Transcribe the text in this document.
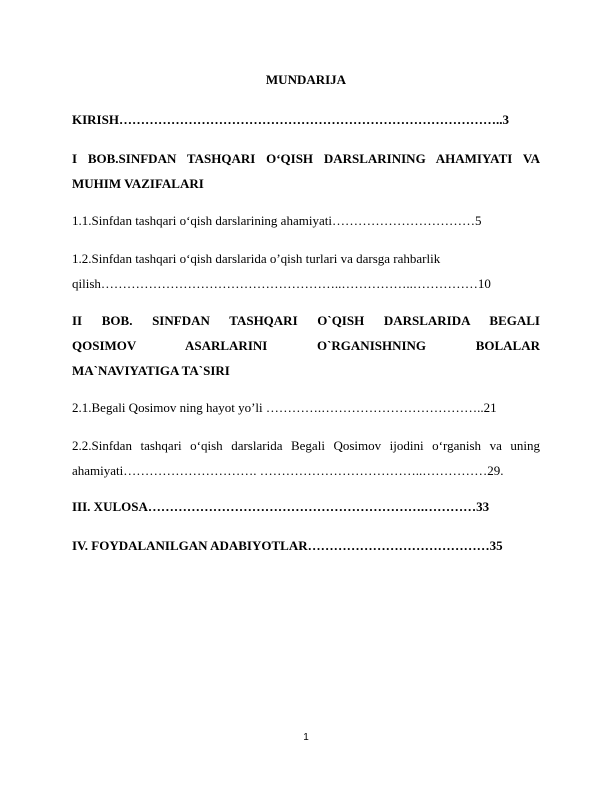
MUNDARIJA
KIRISH……………………………………………………………………………..3
I BOB.SINFDAN TASHQARI O‘QISH DARSLARINING AHAMIYATI VA
MUHIM VAZIFALARI
1.1.Sinfdan tashqari o‘qish darslarining ahamiyati……………………………5
1.2.Sinfdan tashqari o‘qish darslarida o’qish turlari va darsga rahbarlik
qilish………………………………………………..……………..……………10
II BOB. SINFDAN TASHQARI O`QISH DARSLARIDA BEGALI
QOSIMOV ASARLARINI O`RGANISHNING BOLALAR
MA`NAVIYATIGA TA`SIRI
2.1.Begali Qosimov ning hayot yo’li ………….………………………………..21
2.2.Sinfdan tashqari o‘qish darslarida Begali Qosimov ijodini o‘rganish va uning
ahamiyati…………………………. ………………………………..……………29.
III. XULOSA……………………………………………………….…………33
IV. FOYDALANILGAN ADABIYOTLAR……………………………………35
1
